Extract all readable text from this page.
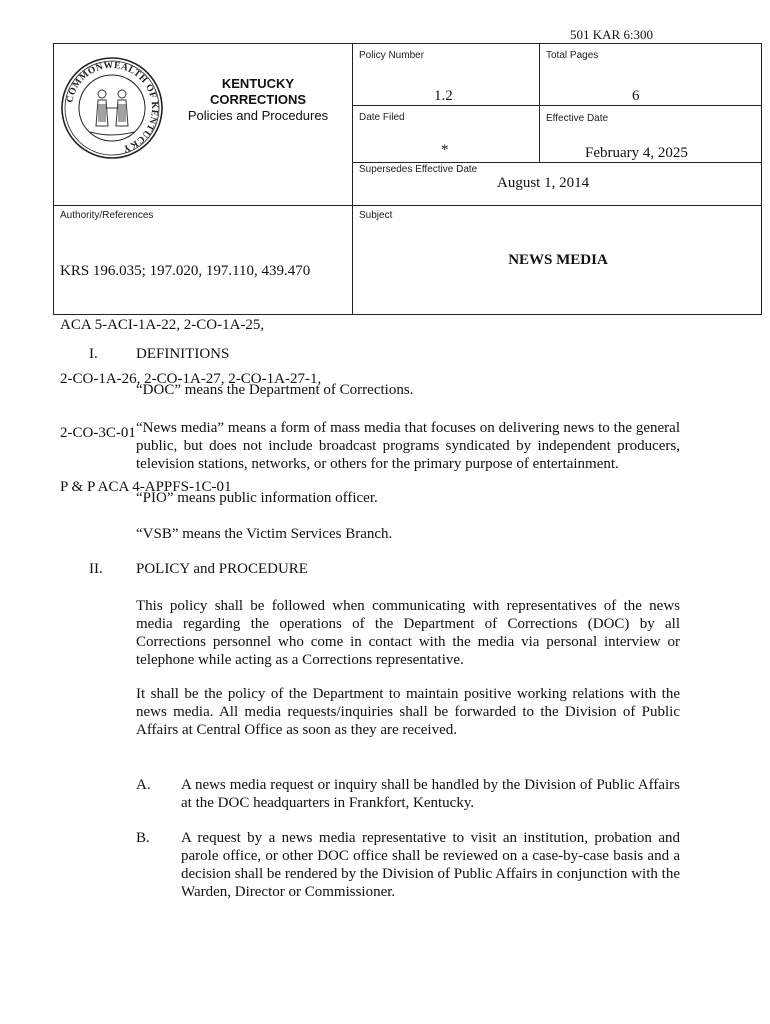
501 KAR 6:300
COMMONWEALTH OF KENTUCKY
KENTUCKY
CORRECTIONS
Policies and Procedures
Policy Number
1.2
Total Pages
6
Date Filed
*
Effective Date
February 4, 2025
Supersedes Effective Date
August 1, 2014
Authority/References

KRS 196.035; 197.020, 197.110, 439.470

ACA 5-ACI-1A-22, 2-CO-1A-25,

2-CO-1A-26, 2-CO-1A-27, 2-CO-1A-27-1,

2-CO-3C-01

P & P ACA 4-APPFS-1C-01

Subject
NEWS MEDIA
I.	DEFINITIONS
“DOC” means the Department of Corrections.
“News media” means a form of mass media that focuses on delivering news to the general public, but does not include broadcast programs syndicated by independent producers, television stations, networks, or others for the primary purpose of entertainment.
“PIO” means public information officer.
“VSB” means the Victim Services Branch.
II. POLICY and PROCEDURE
This policy shall be followed when communicating with representatives of the news media regarding the operations of the Department of Corrections (DOC) by all Corrections personnel who come in contact with the media via personal interview or telephone while acting as a Corrections representative.
It shall be the policy of the Department to maintain positive working relations with the news media. All media requests/inquiries shall be forwarded to the Division of Public Affairs at Central Office as soon as they are received.
A. A news media request or inquiry shall be handled by the Division of Public Affairs at the DOC headquarters in Frankfort, Kentucky.
B. A request by a news media representative to visit an institution, probation and parole office, or other DOC office shall be reviewed on a case-by-case basis and a decision shall be rendered by the Division of Public Affairs in conjunction with the Warden, Director or Commissioner.
